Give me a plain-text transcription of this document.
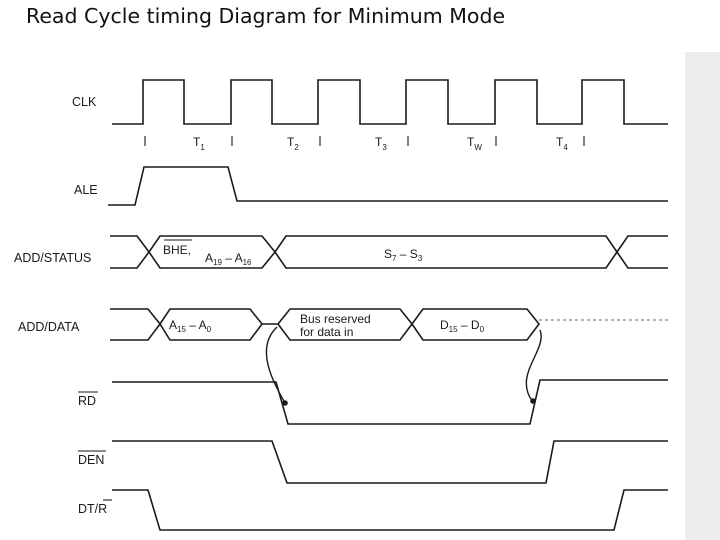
Read Cycle timing Diagram for Minimum Mode
CLK
ALE
ADD/STATUS
ADD/DATA
RD
DEN
DT/R
$T_1$	$T_2$	$T_3$	$T_W$	$T_4$
BHE,
$A_{19} - A_{16}$
$S_7 - S_3$
$A_{15} - A_0$
Bus reserved
for data in	$D_{15} - D_0$
